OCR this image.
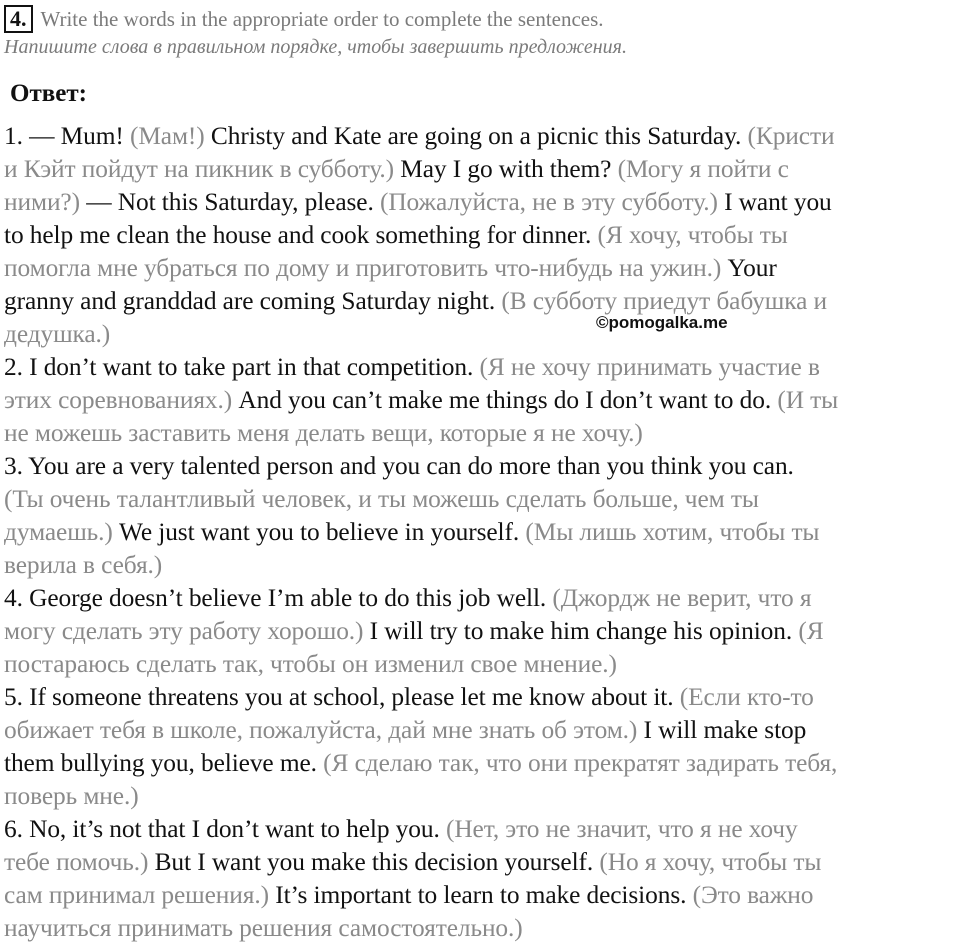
4. Write the words in the appropriate order to complete the sentences.
Напишите слова в правильном порядке, чтобы завершить предложения.
Ответ:
1. — Mum! (Мам!) Christy and Kate are going on a picnic this Saturday. (Кристи
и Кэйт пойдут на пикник в субботу.) May I go with them? (Могу я пойти с
ними?) — Not this Saturday, please. (Пожалуйста, не в эту субботу.) I want you
to help me clean the house and cook something for dinner. (Я хочу, чтобы ты
помогла мне убраться по дому и приготовить что-нибудь на ужин.) Your
granny and granddad are coming Saturday night. (В субботу приедут бабушка и
дедушка.)
2. I don’t want to take part in that competition. (Я не хочу принимать участие в
этих соревнованиях.) And you can’t make me things do I don’t want to do. (И ты
не можешь заставить меня делать вещи, которые я не хочу.)
3. You are a very talented person and you can do more than you think you can.
(Ты очень талантливый человек, и ты можешь сделать больше, чем ты
думаешь.) We just want you to believe in yourself. (Мы лишь хотим, чтобы ты
верила в себя.)
4. George doesn’t believe I’m able to do this job well. (Джордж не верит, что я
могу сделать эту работу хорошо.) I will try to make him change his opinion. (Я
постараюсь сделать так, чтобы он изменил свое мнение.)
5. If someone threatens you at school, please let me know about it. (Если кто-то
обижает тебя в школе, пожалуйста, дай мне знать об этом.) I will make stop
them bullying you, believe me. (Я сделаю так, что они прекратят задирать тебя,
поверь мне.)
6. No, it’s not that I don’t want to help you. (Нет, это не значит, что я не хочу
тебе помочь.) But I want you make this decision yourself. (Но я хочу, чтобы ты
сам принимал решения.) It’s important to learn to make decisions. (Это важно
научиться принимать решения самостоятельно.)
©pomogalka.me
